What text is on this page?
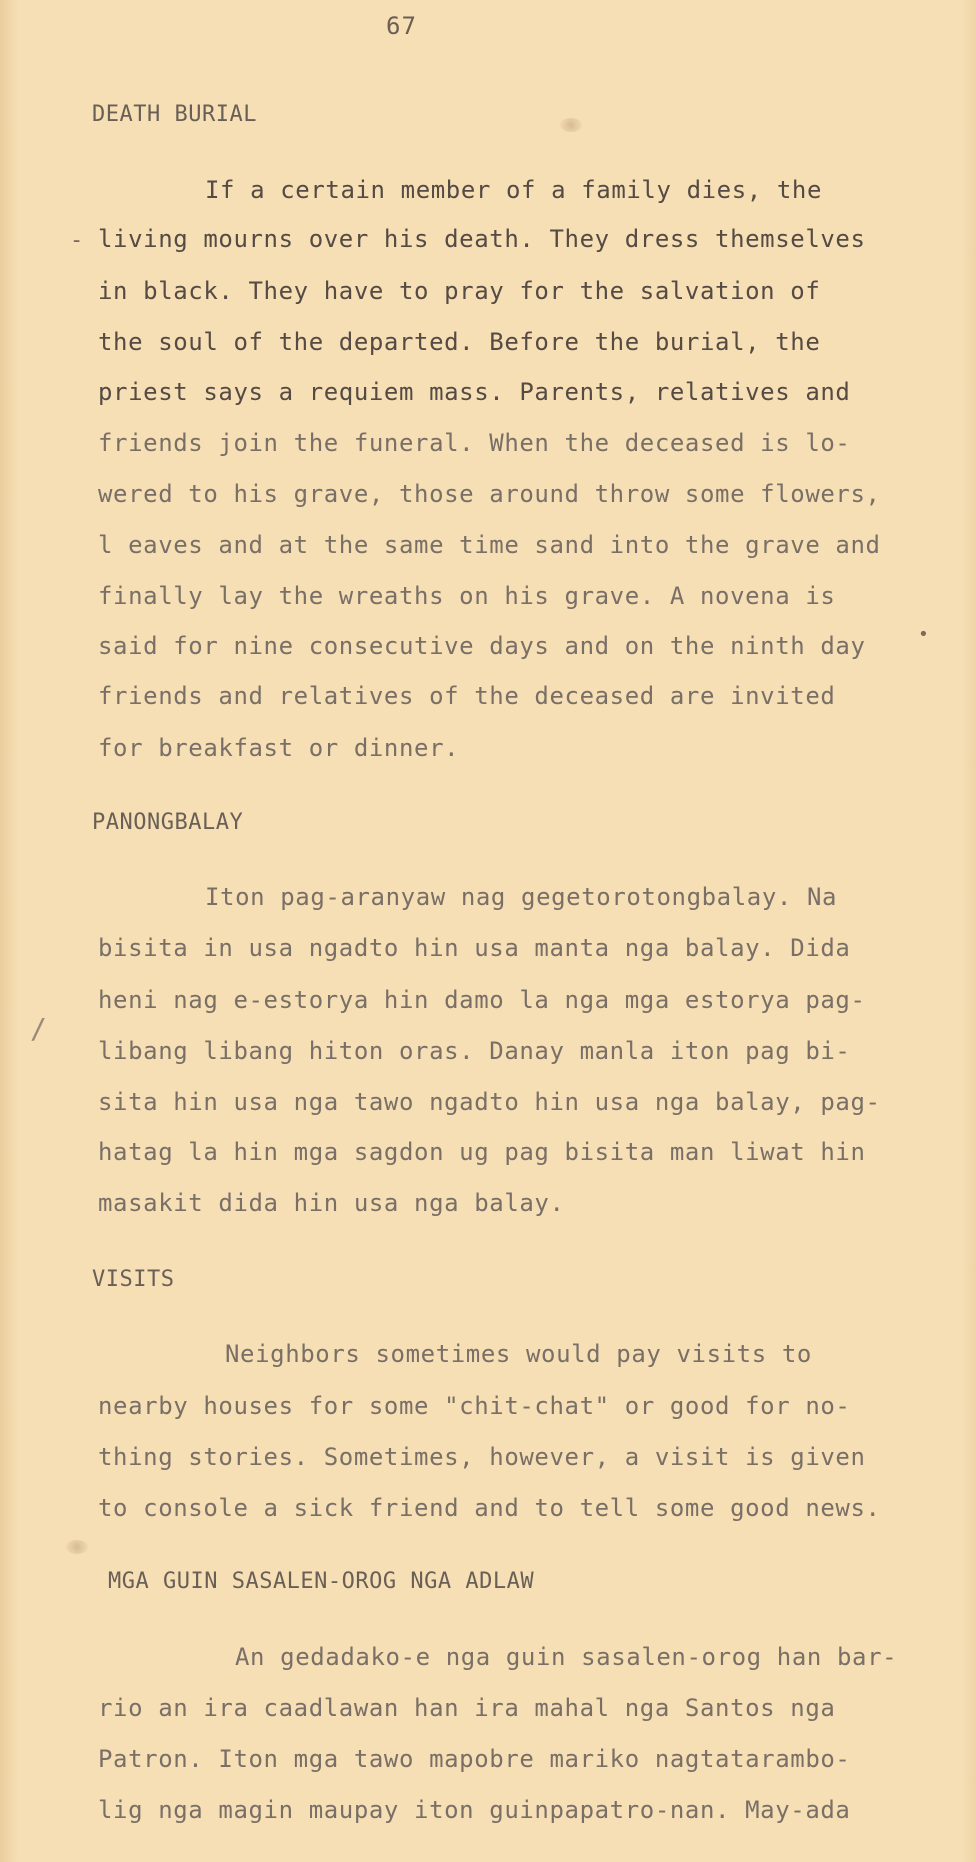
67
DEATH BURIAL
If a certain member of a family dies, the
living mourns over his death. They dress themselves
in black. They have to pray for the salvation of
the soul of the departed. Before the burial, the
priest says a requiem mass. Parents, relatives and
friends join the funeral. When the deceased is lo-
wered to his grave, those around throw some flowers,
l eaves and at the same time sand into the grave and
finally lay the wreaths on his grave. A novena is
said for nine consecutive days and on the ninth day
friends and relatives of the deceased are invited
for breakfast or dinner.
PANONGBALAY
Iton pag-aranyaw nag gegetorotongbalay. Na
bisita in usa ngadto hin usa manta nga balay. Dida
heni nag e-estorya hin damo la nga mga estorya pag-
libang libang hiton oras. Danay manla iton pag bi-
sita hin usa nga tawo ngadto hin usa nga balay, pag-
hatag la hin mga sagdon ug pag bisita man liwat hin
masakit dida hin usa nga balay.
VISITS
Neighbors sometimes would pay visits to
nearby houses for some "chit-chat" or good for no-
thing stories. Sometimes, however, a visit is given
to console a sick friend and to tell some good news.
MGA GUIN SASALEN-OROG NGA ADLAW
An gedadako-e nga guin sasalen-orog han bar-
rio an ira caadlawan han ira mahal nga Santos nga
Patron. Iton mga tawo mapobre mariko nagtatarambo-
lig nga magin maupay iton guinpapatro-nan. May-ada
-
•
/
